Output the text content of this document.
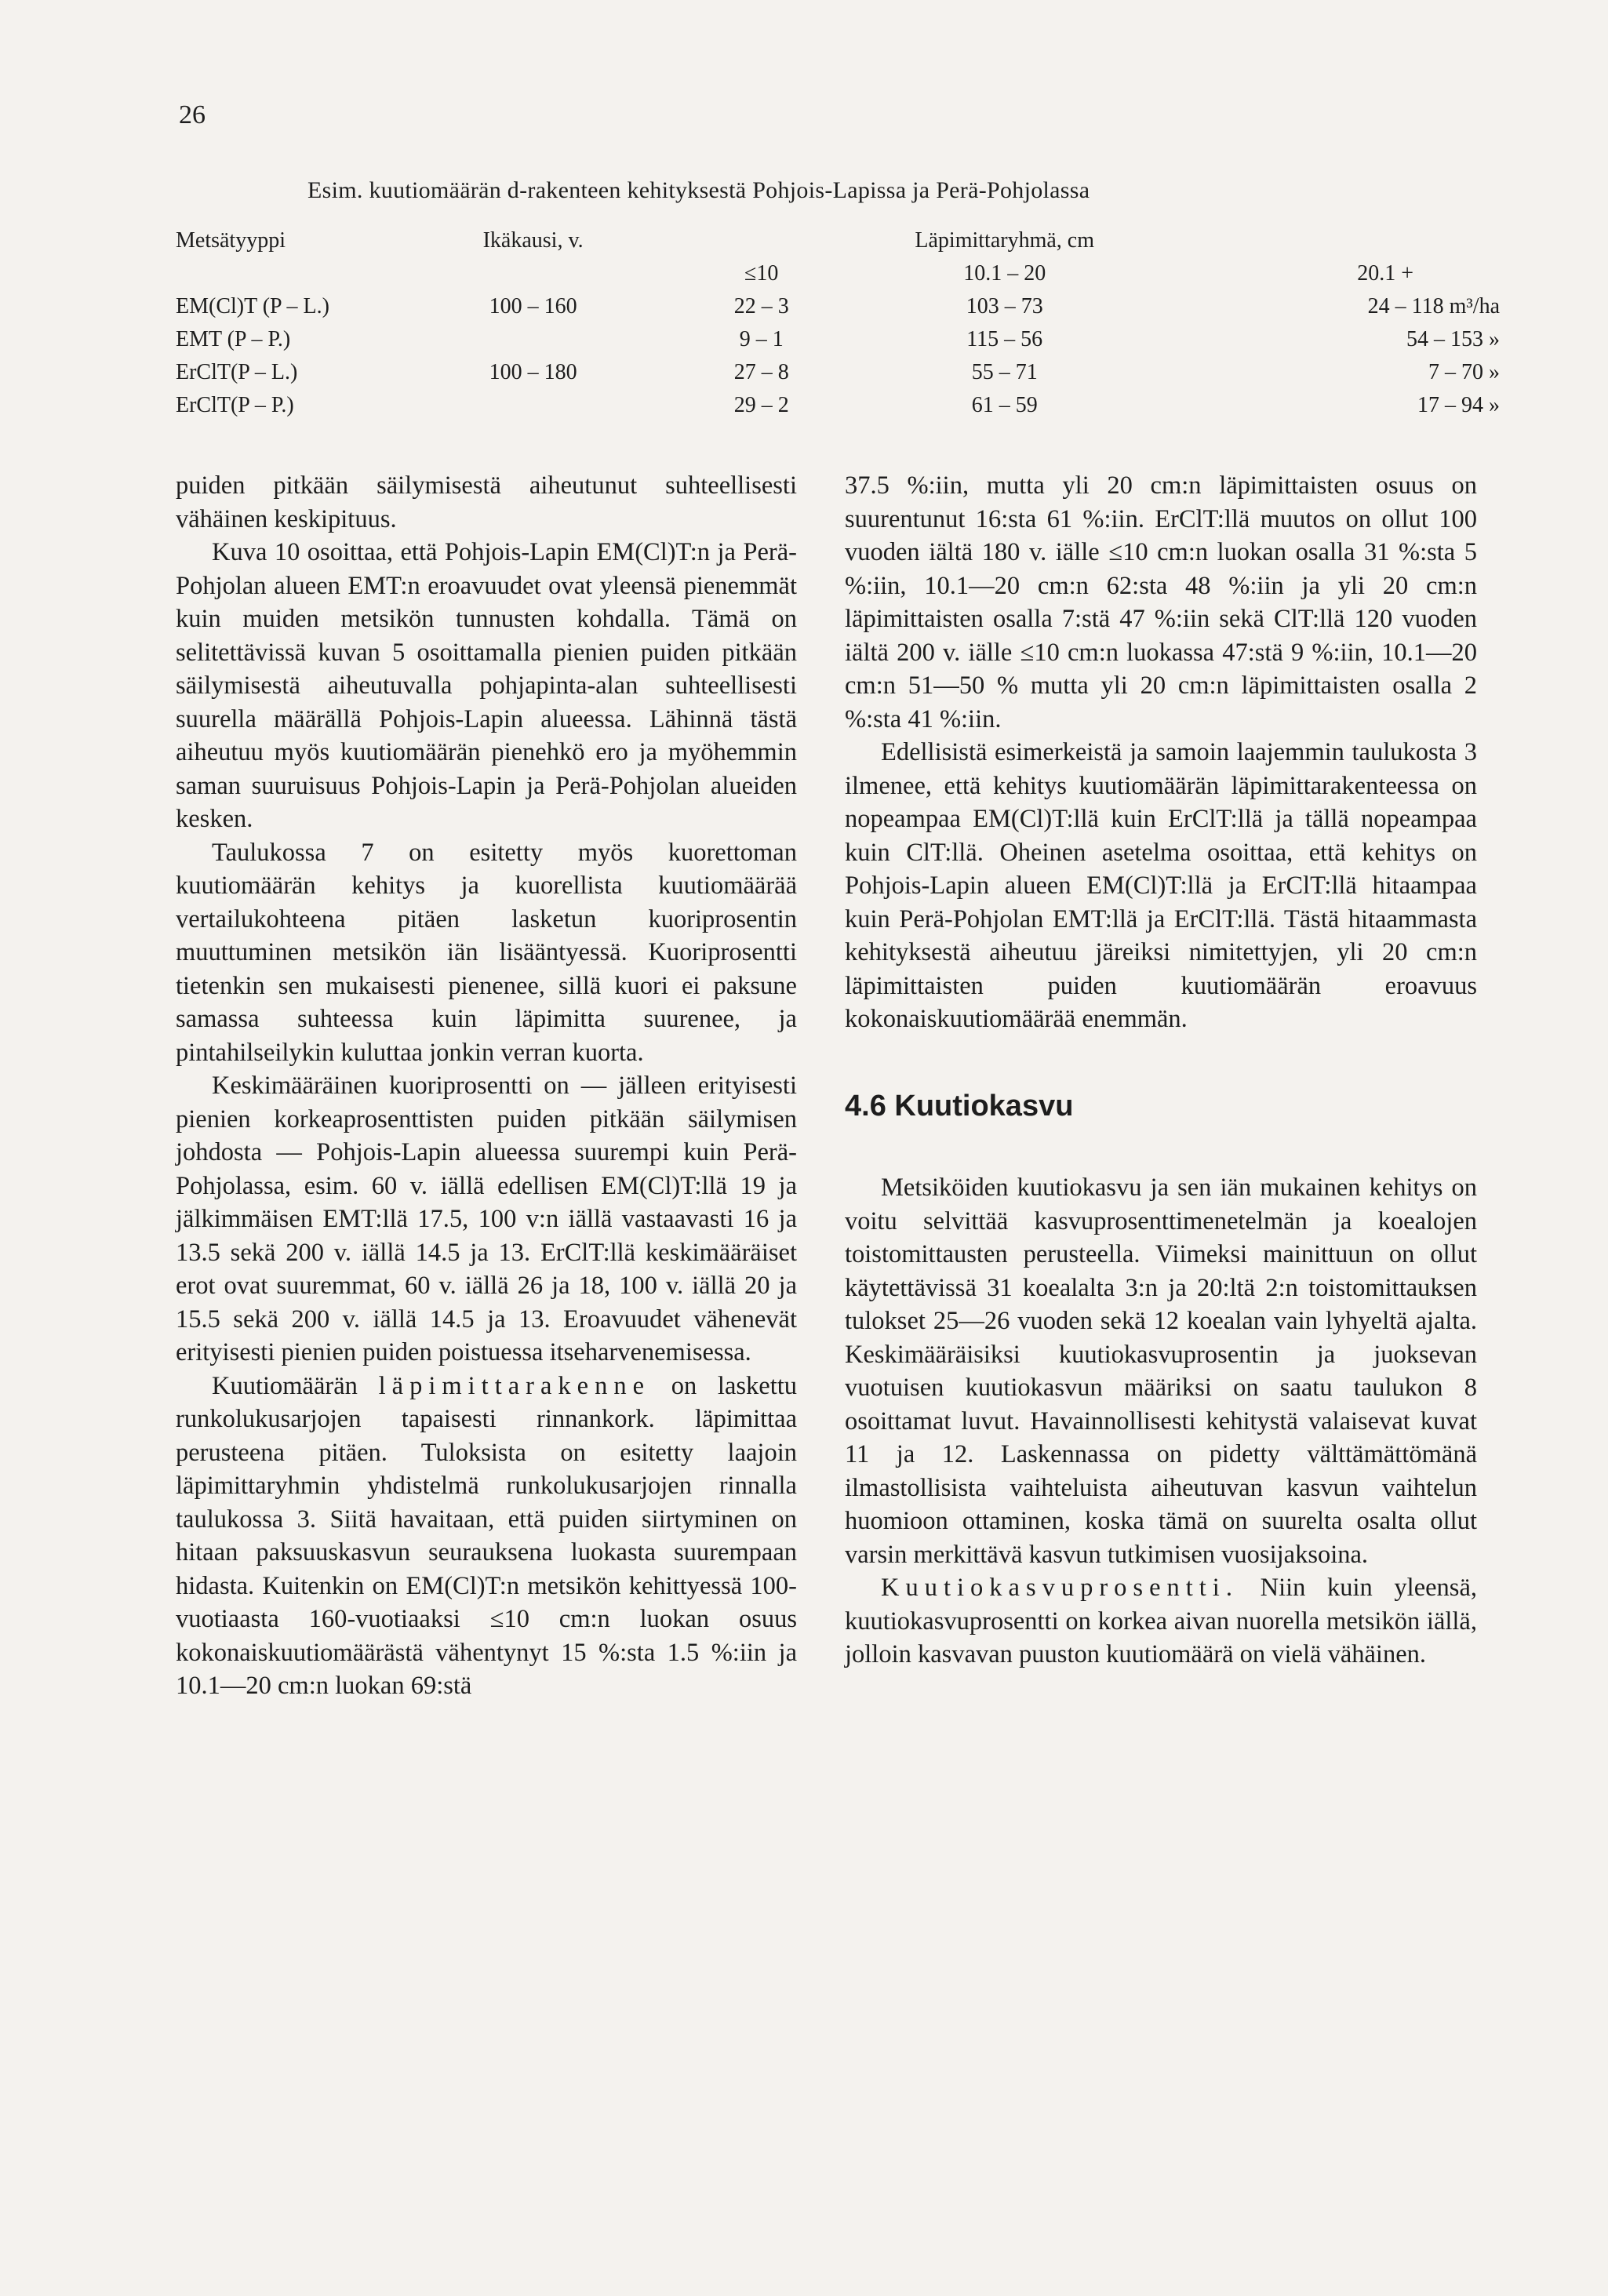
26
Esim. kuutiomäärän d-rakenteen kehityksestä Pohjois-Lapissa ja Perä-Pohjolassa
Metsätyyppi	Ikäkausi, v.		Läpimittaryhmä, cm	
		≤10	10.1 – 20	20.1 +
EM(Cl)T (P – L.)	100 – 160	22 – 3	103 – 73	24 – 118 m³/ha
EMT (P – P.)		9 – 1	115 – 56	54 – 153 »
ErClT(P – L.)	100 – 180	27 – 8	55 – 71	7 – 70 »
ErClT(P – P.)		29 – 2	61 – 59	17 – 94 »

puiden pitkään säilymisestä aiheutunut suhteellisesti vähäinen keskipituus.

Kuva 10 osoittaa, että Pohjois-Lapin EM(Cl)T:n ja Perä-Pohjolan alueen EMT:n eroavuudet ovat yleensä pienemmät kuin muiden metsikön tunnusten kohdalla. Tämä on selitettävissä kuvan 5 osoittamalla pienien puiden pitkään säilymisestä aiheutuvalla pohjapinta-alan suhteellisesti suurella määrällä Pohjois-Lapin alueessa. Lähinnä tästä aiheutuu myös kuutiomäärän pienehkö ero ja myöhemmin saman suuruisuus Pohjois-Lapin ja Perä-Pohjolan alueiden kesken.

Taulukossa 7 on esitetty myös kuorettoman kuutiomäärän kehitys ja kuorellista kuutiomäärää vertailukohteena pitäen lasketun kuoriprosentin muuttuminen metsikön iän lisääntyessä. Kuoriprosentti tietenkin sen mukaisesti pienenee, sillä kuori ei paksune samassa suhteessa kuin läpimitta suurenee, ja pintahilseilykin kuluttaa jonkin verran kuorta.

Keskimääräinen kuoriprosentti on — jälleen erityisesti pienien korkeaprosenttisten puiden pitkään säilymisen johdosta — Pohjois-Lapin alueessa suurempi kuin Perä-Pohjolassa, esim. 60 v. iällä edellisen EM(Cl)T:llä 19 ja jälkimmäisen EMT:llä 17.5, 100 v:n iällä vastaavasti 16 ja 13.5 sekä 200 v. iällä 14.5 ja 13. ErClT:llä keskimääräiset erot ovat suuremmat, 60 v. iällä 26 ja 18, 100 v. iällä 20 ja 15.5 sekä 200 v. iällä 14.5 ja 13. Eroavuudet vähenevät erityisesti pienien puiden poistuessa itseharvenemisessa.

Kuutiomäärän läpimittarakenne on laskettu runkolukusarjojen tapaisesti rinnankork. läpimittaa perusteena pitäen. Tuloksista on esitetty laajoin läpimittaryhmin yhdistelmä runkolukusarjojen rinnalla taulukossa 3. Siitä havaitaan, että puiden siirtyminen on hitaan paksuuskasvun seurauksena luokasta suurempaan hidasta. Kuitenkin on EM(Cl)T:n metsikön kehittyessä 100-vuotiaasta 160-vuotiaaksi ≤10 cm:n luokan osuus kokonaiskuutiomäärästä vähentynyt 15 %:sta 1.5 %:iin ja 10.1—20 cm:n luokan 69:stä

37.5 %:iin, mutta yli 20 cm:n läpimittaisten osuus on suurentunut 16:sta 61 %:iin. ErClT:llä muutos on ollut 100 vuoden iältä 180 v. iälle ≤10 cm:n luokan osalla 31 %:sta 5 %:iin, 10.1—20 cm:n 62:sta 48 %:iin ja yli 20 cm:n läpimittaisten osalla 7:stä 47 %:iin sekä ClT:llä 120 vuoden iältä 200 v. iälle ≤10 cm:n luokassa 47:stä 9 %:iin, 10.1—20 cm:n 51—50 % mutta yli 20 cm:n läpimittaisten osalla 2 %:sta 41 %:iin.

Edellisistä esimerkeistä ja samoin laajemmin taulukosta 3 ilmenee, että kehitys kuutiomäärän läpimittarakenteessa on nopeampaa EM(Cl)T:llä kuin ErClT:llä ja tällä nopeampaa kuin ClT:llä. Oheinen asetelma osoittaa, että kehitys on Pohjois-Lapin alueen EM(Cl)T:llä ja ErClT:llä hitaampaa kuin Perä-Pohjolan EMT:llä ja ErClT:llä. Tästä hitaammasta kehityksestä aiheutuu järeiksi nimitettyjen, yli 20 cm:n läpimittaisten puiden kuutiomäärän eroavuus kokonaiskuutiomäärää enemmän.

4.6 Kuutiokasvu

Metsiköiden kuutiokasvu ja sen iän mukainen kehitys on voitu selvittää kasvuprosenttimenetelmän ja koealojen toistomittausten perusteella. Viimeksi mainittuun on ollut käytettävissä 31 koealalta 3:n ja 20:ltä 2:n toistomittauksen tulokset 25—26 vuoden sekä 12 koealan vain lyhyeltä ajalta. Keskimääräisiksi kuutiokasvuprosentin ja juoksevan vuotuisen kuutiokasvun määriksi on saatu taulukon 8 osoittamat luvut. Havainnollisesti kehitystä valaisevat kuvat 11 ja 12. Laskennassa on pidetty välttämättömänä ilmastollisista vaihteluista aiheutuvan kasvun vaihtelun huomioon ottaminen, koska tämä on suurelta osalta ollut varsin merkittävä kasvun tutkimisen vuosijaksoina.

Kuutiokasvuprosentti. Niin kuin yleensä, kuutiokasvuprosentti on korkea aivan nuorella metsikön iällä, jolloin kasvavan puuston kuutiomäärä on vielä vähäinen.
